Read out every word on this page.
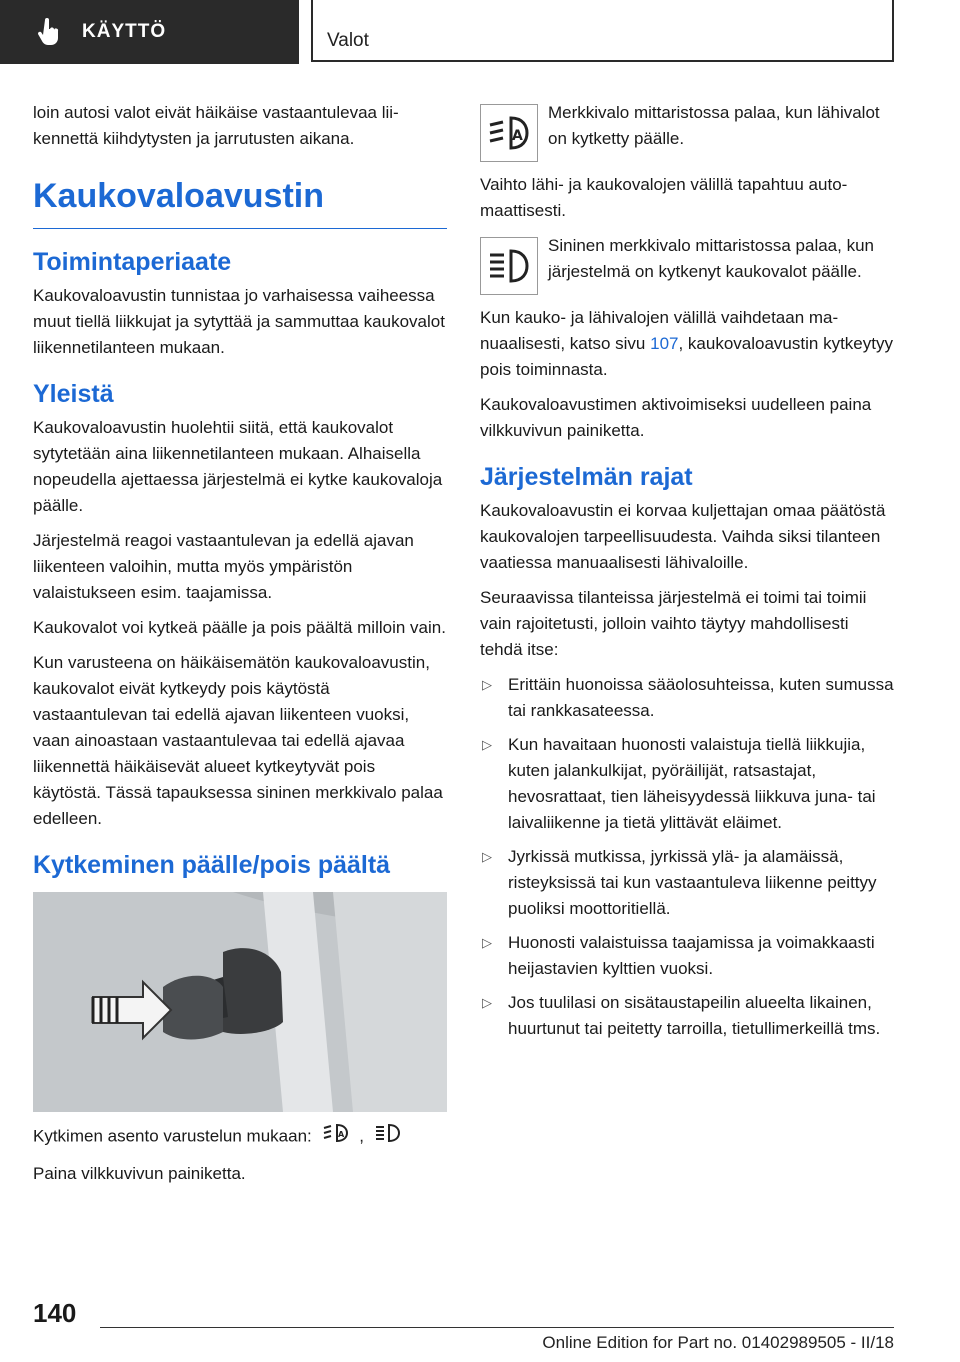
KÄYTTÖ	Valot

loin autosi valot eivät häikäise vastaantulevaa liikennettä kiihdytysten ja jarrutusten aikana.

Kaukovaloavustin
Toimintaperiaate

Kaukovaloavustin tunnistaa jo varhaisessa vaiheessa muut tiellä liikkujat ja sytyttää ja sammuttaa kaukovalot liikennetilanteen mukaan.

Yleistä

Kaukovaloavustin huolehtii siitä, että kaukovalot sytytetään aina liikennetilanteen mukaan. Alhaisella nopeudella ajettaessa järjestelmä ei kytke kaukovaloja päälle.

Järjestelmä reagoi vastaantulevan ja edellä ajavan liikenteen valoihin, mutta myös ympäristön valaistukseen esim. taajamissa.

Kaukovalot voi kytkeä päälle ja pois päältä milloin vain.

Kun varusteena on häikäisemätön kaukovaloavustin, kaukovalot eivät kytkeydy pois käytöstä vastaantulevan tai edellä ajavan liikenteen vuoksi, vaan ainoastaan vastaantulevaa tai edellä ajavaa liikennettä häikäisevät alueet kytkeytyvät pois käytöstä. Tässä tapauksessa sininen merkkivalo palaa edelleen.

Kytkeminen päälle/pois päältä

Kytkimen asento varustelun mukaan:	A ,

Paina vilkkuvivun painiketta.

A
Merkkivalo mittaristossa palaa, kun lähivalot on kytketty päälle.

Vaihto lähi- ja kaukovalojen välillä tapahtuu automaattisesti.

Sininen merkkivalo mittaristossa palaa, kun järjestelmä on kytkenyt kaukovalot päälle.

Kun kauko- ja lähivalojen välillä vaihdetaan manuaalisesti, katso sivu 107, kaukovaloavustin kytkeytyy pois toiminnasta.

Kaukovaloavustimen aktivoimiseksi uudelleen paina vilkkuvivun painiketta.

Järjestelmän rajat

Kaukovaloavustin ei korvaa kuljettajan omaa päätöstä kaukovalojen tarpeellisuudesta. Vaihda siksi tilanteen vaatiessa manuaalisesti lähivaloille.

Seuraavissa tilanteissa järjestelmä ei toimi tai toimii vain rajoitetusti, jolloin vaihto täytyy mahdollisesti tehdä itse:

▷ Erittäin huonoissa sääolosuhteissa, kuten sumussa tai rankkasateessa.
▷ Kun havaitaan huonosti valaistuja tiellä liikkujia, kuten jalankulkijat, pyöräilijät, ratsastajat, hevosrattaat, tien läheisyydessä liikkuva juna- tai laivaliikenne ja tietä ylittävät eläimet.
▷ Jyrkissä mutkissa, jyrkissä ylä- ja alamäissä, risteyksissä tai kun vastaantuleva liikenne peittyy puoliksi moottoritiellä.
▷ Huonosti valaistuissa taajamissa ja voimakkaasti heijastavien kylttien vuoksi.
▷ Jos tuulilasi on sisätaustapeilin alueelta likainen, huurtunut tai peitetty tarroilla, tietullimerkeillä tms.
140
Online Edition for Part no. 01402989505 - II/18
